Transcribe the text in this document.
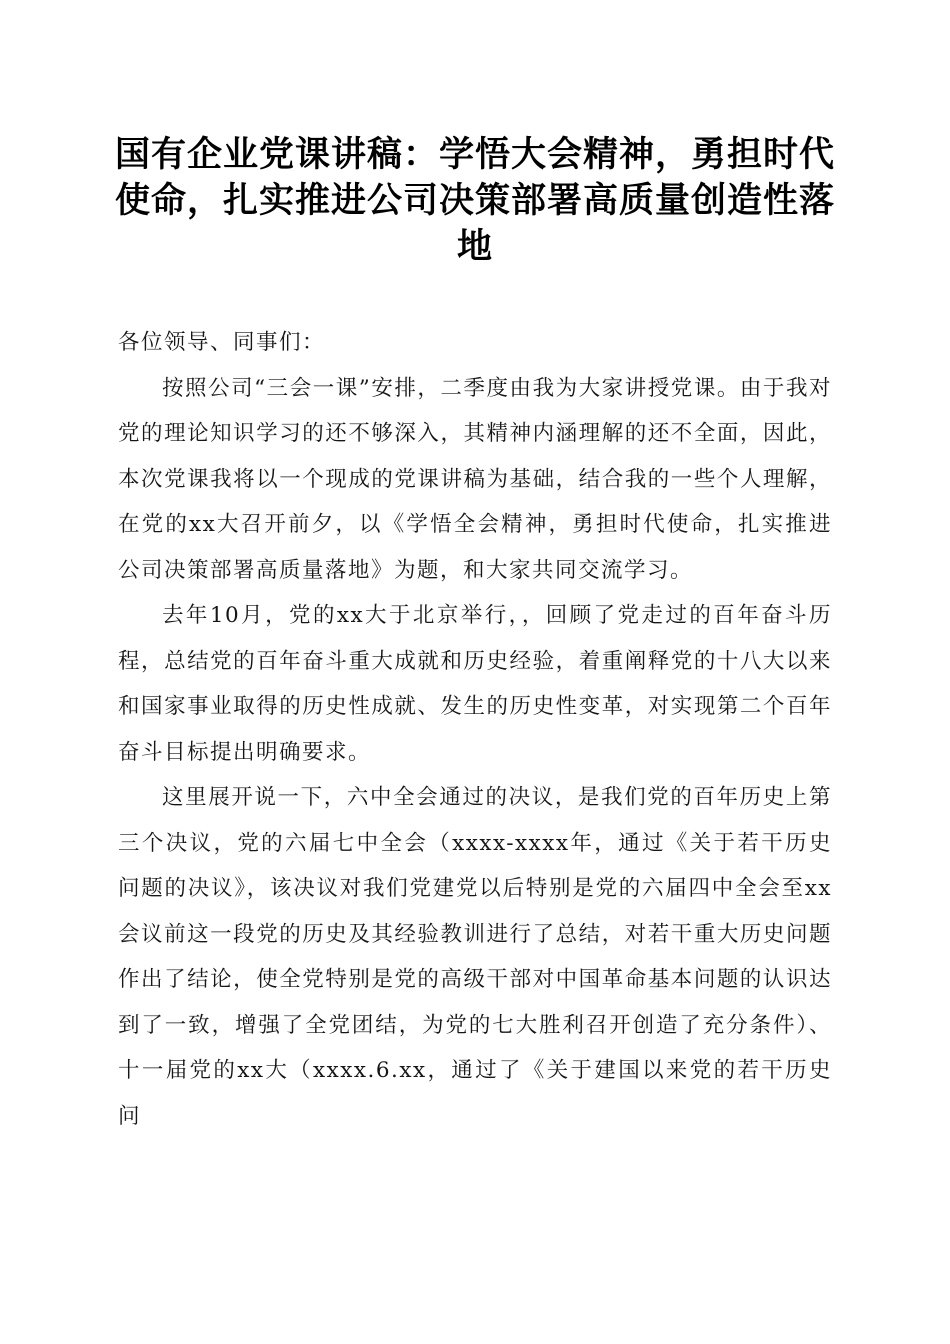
国有企业党课讲稿：学悟大会精神，勇担时代使命，扎实推进公司决策部署高质量创造性落地

各位领导、同事们：

按照公司“三会一课”安排，二季度由我为大家讲授党课。由于我对党的理论知识学习的还不够深入，其精神内涵理解的还不全面，因此，本次党课我将以一个现成的党课讲稿为基础，结合我的一些个人理解，在党的xx大召开前夕，以《学悟全会精神，勇担时代使命，扎实推进公司决策部署高质量落地》为题，和大家共同交流学习。

去年10月，党的xx大于北京举行，，回顾了党走过的百年奋斗历程，总结党的百年奋斗重大成就和历史经验，着重阐释党的十八大以来和国家事业取得的历史性成就、发生的历史性变革，对实现第二个百年奋斗目标提出明确要求。

这里展开说一下，六中全会通过的决议，是我们党的百年历史上第三个决议，党的六届七中全会（xxxx-xxxx年，通过《关于若干历史问题的决议》，该决议对我们党建党以后特别是党的六届四中全会至xx会议前这一段党的历史及其经验教训进行了总结，对若干重大历史问题作出了结论，使全党特别是党的高级干部对中国革命基本问题的认识达到了一致，增强了全党团结，为党的七大胜利召开创造了充分条件）、十一届党的xx大（xxxx.6.xx，通过了《关于建国以来党的若干历史问
